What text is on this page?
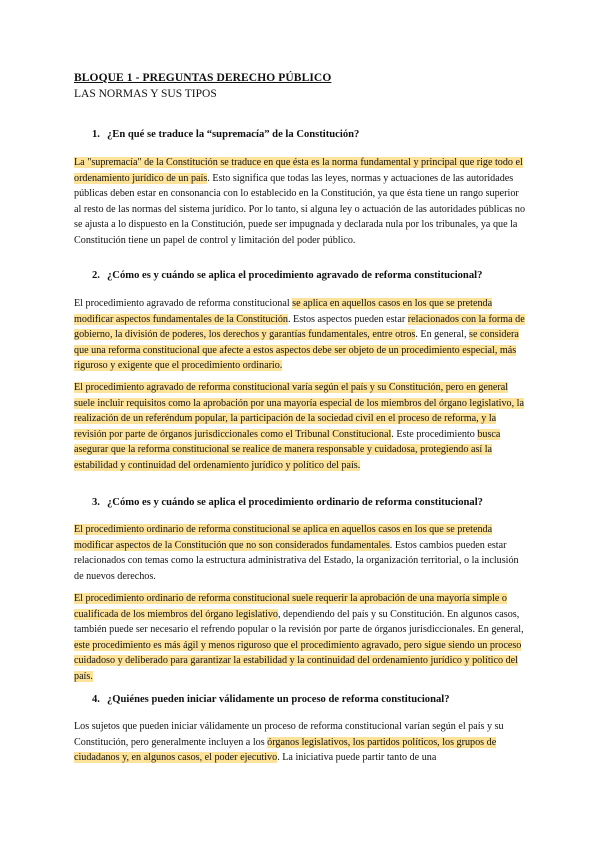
BLOQUE 1 - PREGUNTAS DERECHO PÚBLICO
LAS NORMAS Y SUS TIPOS
1. ¿En qué se traduce la “supremacía” de la Constitución?
La "supremacía" de la Constitución se traduce en que ésta es la norma fundamental y principal que rige todo el ordenamiento jurídico de un país. Esto significa que todas las leyes, normas y actuaciones de las autoridades públicas deben estar en consonancia con lo establecido en la Constitución, ya que ésta tiene un rango superior al resto de las normas del sistema jurídico. Por lo tanto, si alguna ley o actuación de las autoridades públicas no se ajusta a lo dispuesto en la Constitución, puede ser impugnada y declarada nula por los tribunales, ya que la Constitución tiene un papel de control y limitación del poder público.
2. ¿Cómo es y cuándo se aplica el procedimiento agravado de reforma constitucional?
El procedimiento agravado de reforma constitucional se aplica en aquellos casos en los que se pretenda modificar aspectos fundamentales de la Constitución. Estos aspectos pueden estar relacionados con la forma de gobierno, la división de poderes, los derechos y garantías fundamentales, entre otros. En general, se considera que una reforma constitucional que afecte a estos aspectos debe ser objeto de un procedimiento especial, más riguroso y exigente que el procedimiento ordinario.
El procedimiento agravado de reforma constitucional varía según el país y su Constitución, pero en general suele incluir requisitos como la aprobación por una mayoría especial de los miembros del órgano legislativo, la realización de un referéndum popular, la participación de la sociedad civil en el proceso de reforma, y la revisión por parte de órganos jurisdiccionales como el Tribunal Constitucional. Este procedimiento busca asegurar que la reforma constitucional se realice de manera responsable y cuidadosa, protegiendo así la estabilidad y continuidad del ordenamiento jurídico y político del país.
3. ¿Cómo es y cuándo se aplica el procedimiento ordinario de reforma constitucional?
El procedimiento ordinario de reforma constitucional se aplica en aquellos casos en los que se pretenda modificar aspectos de la Constitución que no son considerados fundamentales. Estos cambios pueden estar relacionados con temas como la estructura administrativa del Estado, la organización territorial, o la inclusión de nuevos derechos.
El procedimiento ordinario de reforma constitucional suele requerir la aprobación de una mayoría simple o cualificada de los miembros del órgano legislativo, dependiendo del país y su Constitución. En algunos casos, también puede ser necesario el refrendo popular o la revisión por parte de órganos jurisdiccionales. En general, este procedimiento es más ágil y menos riguroso que el procedimiento agravado, pero sigue siendo un proceso cuidadoso y deliberado para garantizar la estabilidad y la continuidad del ordenamiento jurídico y político del país.
4. ¿Quiénes pueden iniciar válidamente un proceso de reforma constitucional?
Los sujetos que pueden iniciar válidamente un proceso de reforma constitucional varían según el país y su Constitución, pero generalmente incluyen a los órganos legislativos, los partidos políticos, los grupos de ciudadanos y, en algunos casos, el poder ejecutivo. La iniciativa puede partir tanto de una
